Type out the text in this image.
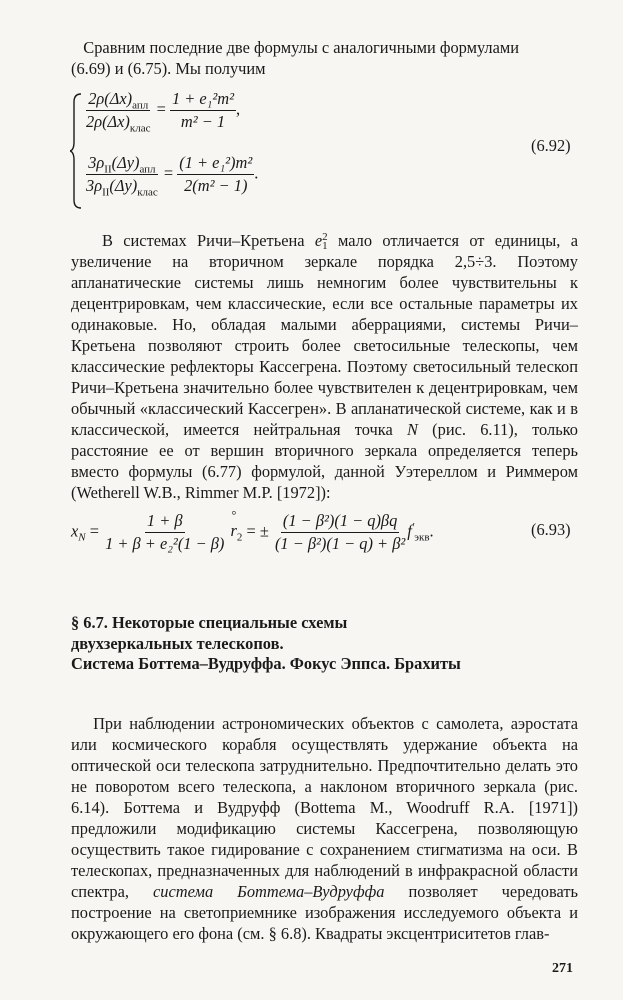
Сравним последние две формулы с аналогичными формулами
(6.69) и (6.75). Мы получим
$\frac{2\rho(\Delta x)_{апл}}{2\rho(\Delta x)_{клас}} = \frac{\text{1 + e₁²m²}}{\text{m² − 1}}$ ,
$\frac{3\rho_{II}(\Delta y)_{апл}}{3\rho_{II}(\Delta y)_{клас}} = \frac{\text{(1 + e₁²)m²}}{\text{2(m² − 1)}}$ .
(6.92)

В системах Ричи–Кретьена e 2
1 мало отличается от единицы, а увеличение на вторичном зеркале порядка 2,5÷3. Поэтому апланатические системы лишь немногим более чувствительны к децентрировкам, чем классические, если все остальные параметры их одинаковые. Но, обладая малыми аберрациями, системы Ричи–Кретьена позволяют строить более светосильные телескопы, чем классические рефлекторы Кассегрена. Поэтому светосильный телескоп Ричи–Кретьена значительно более чувствителен к децентрировкам, чем обычный «классический Кассегрен». В апланатической системе, как и в классической, имеется нейтральная точка N (рис. 6.11), только расстояние ее от вершин вторичного зеркала определяется теперь вместо формулы (6.77) формулой, данной Уэтереллом и Риммером (Wetherell W.B., Rimmer M.P. [1972]):

$x_N = \frac{1 + \beta}{\text{1 + β + e₂²(1 − β)}}$
°
$r_2$ = ± $\frac{\text{(1 − β²)(1 − q)βq}}{\text{(1 − β²)(1 − q) + β²}} f'_{экв}$.	(6.93)
§ 6.7. Некоторые специальные схемы
двухзеркальных телескопов.
Система Боттема–Вудруффа. Фокус Эппса. Брахиты

При наблюдении астрономических объектов с самолета, аэростата или космического корабля осуществлять удержание объекта на оптической оси телескопа затруднительно. Предпочтительно делать это не поворотом всего телескопа, а наклоном вторичного зеркала (рис. 6.14). Боттема и Вудруфф (Bottema M., Woodruff R.A. [1971]) предложили модификацию системы Кассегрена, позволяющую осуществить такое гидирование с сохранением стигматизма на оси. В телескопах, предназначенных для наблюдений в инфракрасной области спектра, система Боттема–Вудруффа позволяет чередовать построение на светоприемнике изображения исследуемого объекта и окружающего его фона (см. § 6.8). Квадраты эксцентриситетов глав-

271
